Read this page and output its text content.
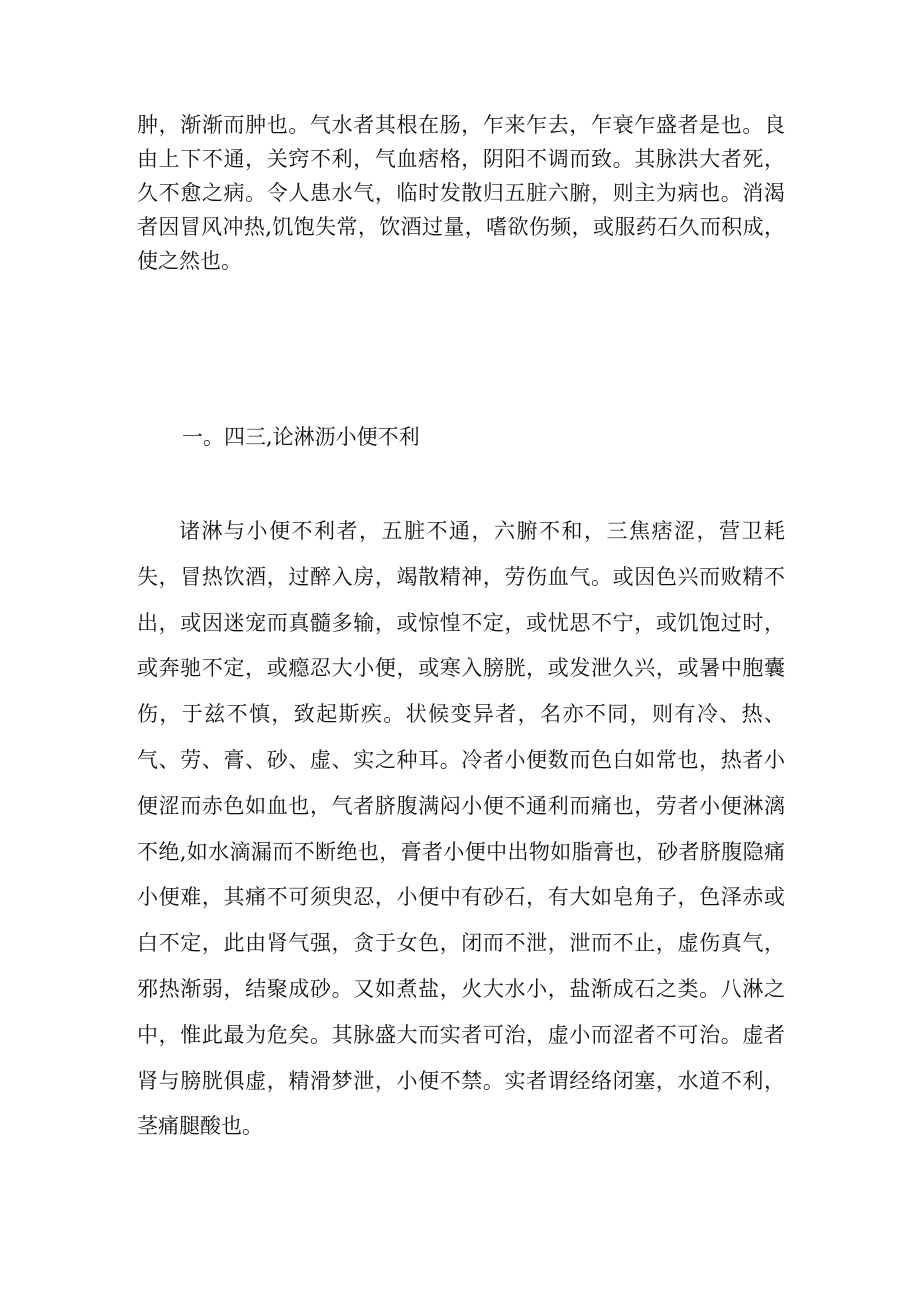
肿，渐渐而肿也。气水者其根在肠，乍来乍去，乍衰乍盛者是也。良由上下不通，关窍不利，气血痞格，阴阳不调而致。其脉洪大者死，久不愈之病。令人患水气，临时发散归五脏六腑，则主为病也。消渴者因冒风冲热,饥饱失常，饮酒过量，嗜欲伤频，或服药石久而积成，使之然也。

一。四三,论淋沥小便不利

诸淋与小便不利者，五脏不通，六腑不和，三焦痞涩，营卫耗失，冒热饮酒，过醉入房，竭散精神，劳伤血气。或因色兴而败精不出，或因迷宠而真髓多输，或惊惶不定，或忧思不宁，或饥饱过时，或奔驰不定，或瘾忍大小便，或寒入膀胱，或发泄久兴，或暑中胞囊伤，于兹不慎，致起斯疾。状候变异者，名亦不同，则有冷、热、气、劳、膏、砂、虚、实之种耳。冷者小便数而色白如常也，热者小便涩而赤色如血也，气者脐腹满闷小便不通利而痛也，劳者小便淋漓不绝,如水滴漏而不断绝也，膏者小便中出物如脂膏也，砂者脐腹隐痛小便难，其痛不可须臾忍，小便中有砂石，有大如皂角子，色泽赤或白不定，此由肾气强，贪于女色，闭而不泄，泄而不止，虚伤真气，邪热渐弱，结聚成砂。又如煮盐，火大水小，盐渐成石之类。八淋之中，惟此最为危矣。其脉盛大而实者可治，虚小而涩者不可治。虚者肾与膀胱俱虚，精滑梦泄，小便不禁。实者谓经络闭塞，水道不利，茎痛腿酸也。
